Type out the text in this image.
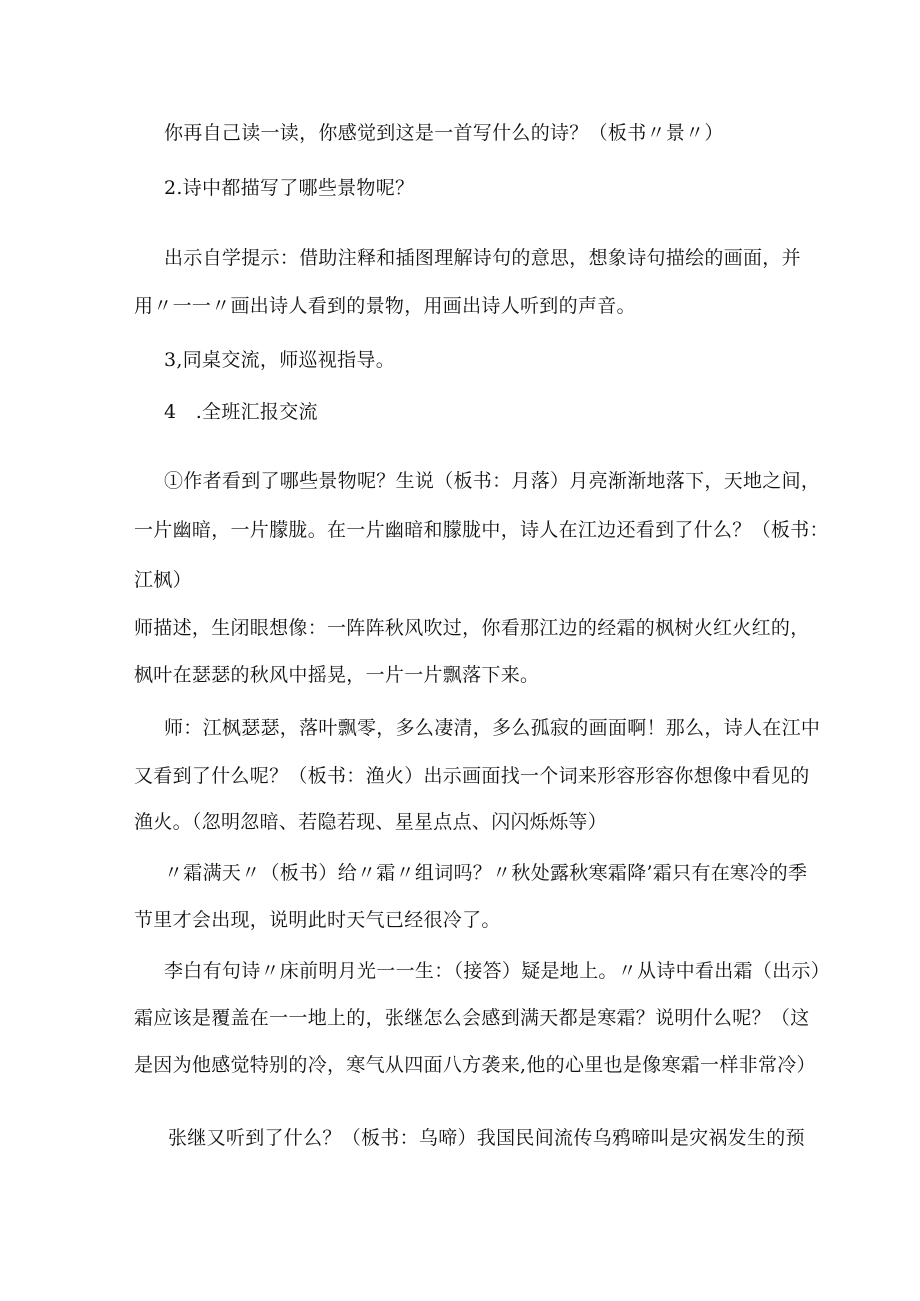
你再自己读一读，你感觉到这是一首写什么的诗？（板书〃景〃）
2.诗中都描写了哪些景物呢？
出示自学提示：借助注释和插图理解诗句的意思，想象诗句描绘的画面，并
用〃一一〃画出诗人看到的景物，用画出诗人听到的声音。
3,同桌交流，师巡视指导。
4　.全班汇报交流
①作者看到了哪些景物呢？生说（板书：月落）月亮渐渐地落下，天地之间，
一片幽暗，一片朦胧。在一片幽暗和朦胧中，诗人在江边还看到了什么？（板书：
江枫）
师描述，生闭眼想像：一阵阵秋风吹过，你看那江边的经霜的枫树火红火红的，
枫叶在瑟瑟的秋风中摇晃，一片一片飘落下来。
师：江枫瑟瑟，落叶飘零，多么凄清，多么孤寂的画面啊！那么，诗人在江中
又看到了什么呢？（板书：渔火）出示画面找一个词来形容形容你想像中看见的
渔火。（忽明忽暗、若隐若现、星星点点、闪闪烁烁等）
〃霜满天〃（板书）给〃霜〃组词吗？〃秋处露秋寒霜降’霜只有在寒冷的季
节里才会出现，说明此时天气已经很冷了。
李白有句诗〃床前明月光一一生：（接答）疑是地上。〃从诗中看出霜（出示）
霜应该是覆盖在一一地上的，张继怎么会感到满天都是寒霜？说明什么呢？（这
是因为他感觉特别的冷，寒气从四面八方袭来,他的心里也是像寒霜一样非常冷）
张继又听到了什么？（板书：乌啼）我国民间流传乌鸦啼叫是灾祸发生的预
